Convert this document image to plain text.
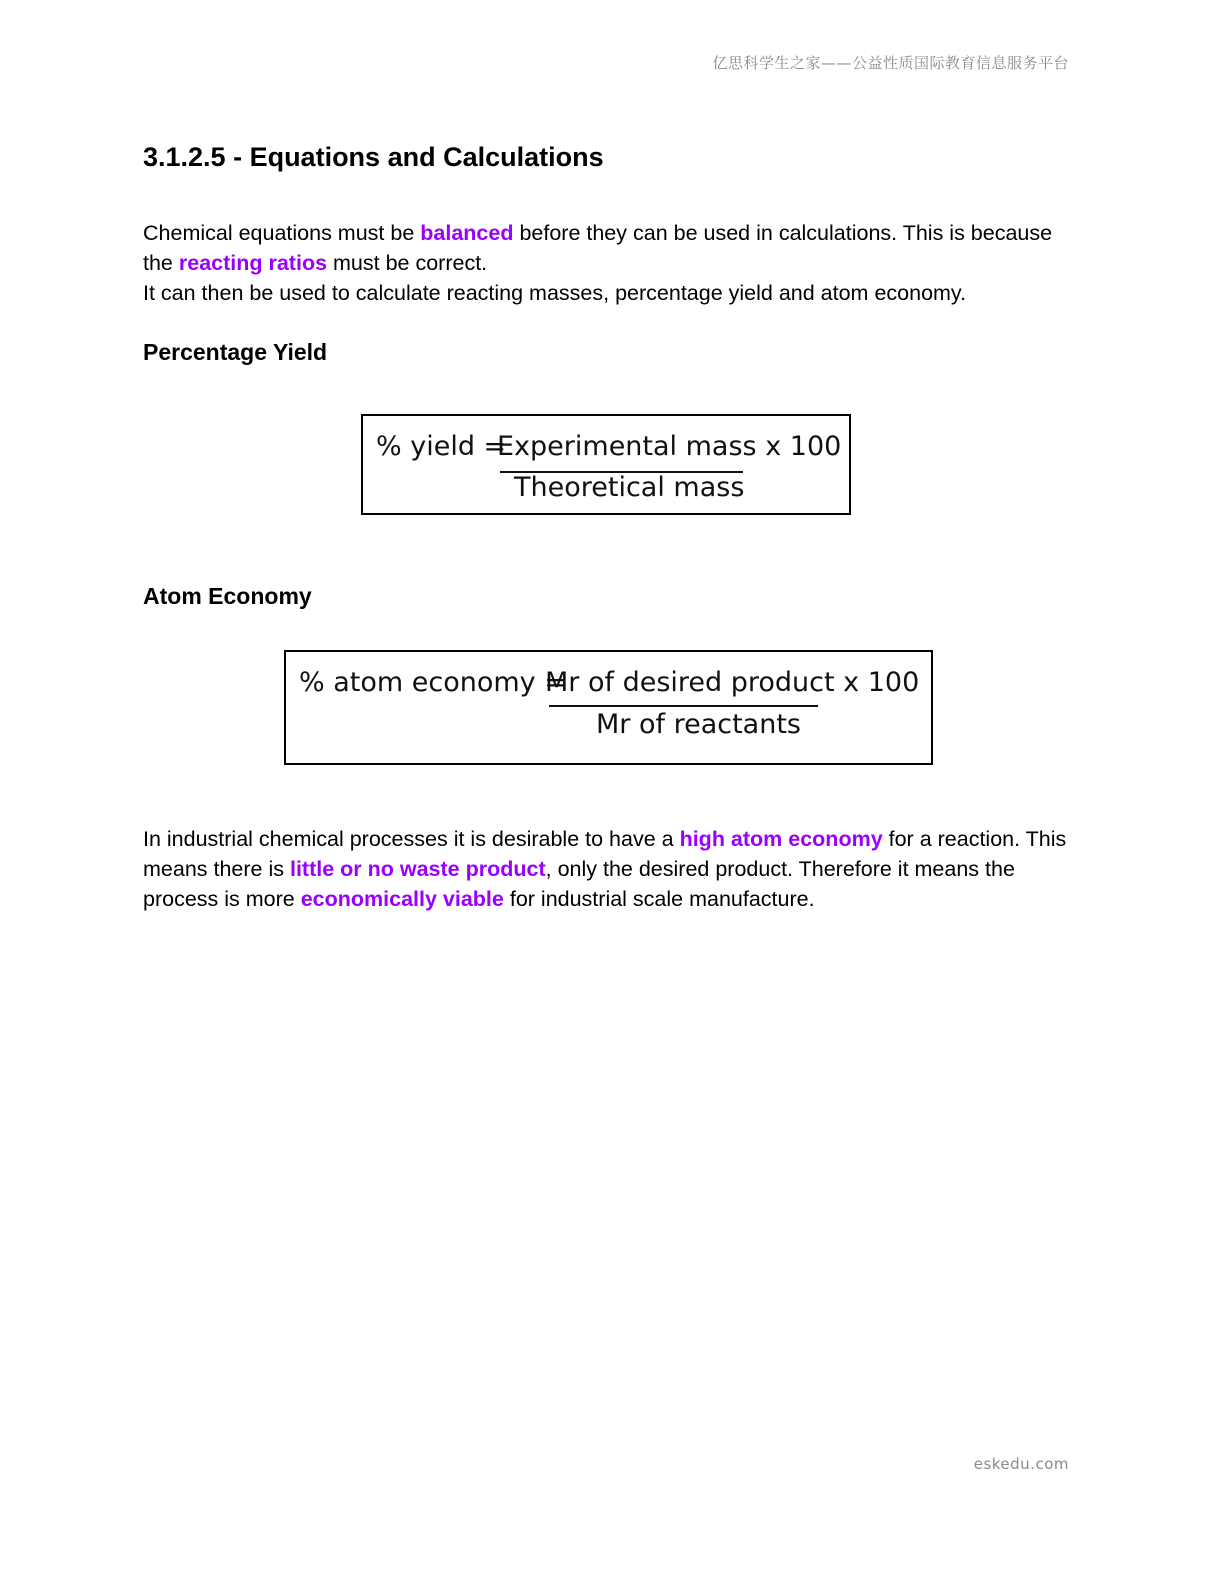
亿思科学生之家——公益性质国际教育信息服务平台
3.1.2.5 - Equations and Calculations

Chemical equations must be balanced before they can be used in calculations. This is because the reacting ratios must be correct.

It can then be used to calculate reacting masses, percentage yield and atom economy.

Percentage Yield
% yield =
Experimental mass x 100
Theoretical mass
Atom Economy
% atom economy =
Mr of desired product x 100
Mr of reactants

In industrial chemical processes it is desirable to have a high atom economy for a reaction. This means there is little or no waste product, only the desired product. Therefore it means the process is more economically viable for industrial scale manufacture.

eskedu.com
